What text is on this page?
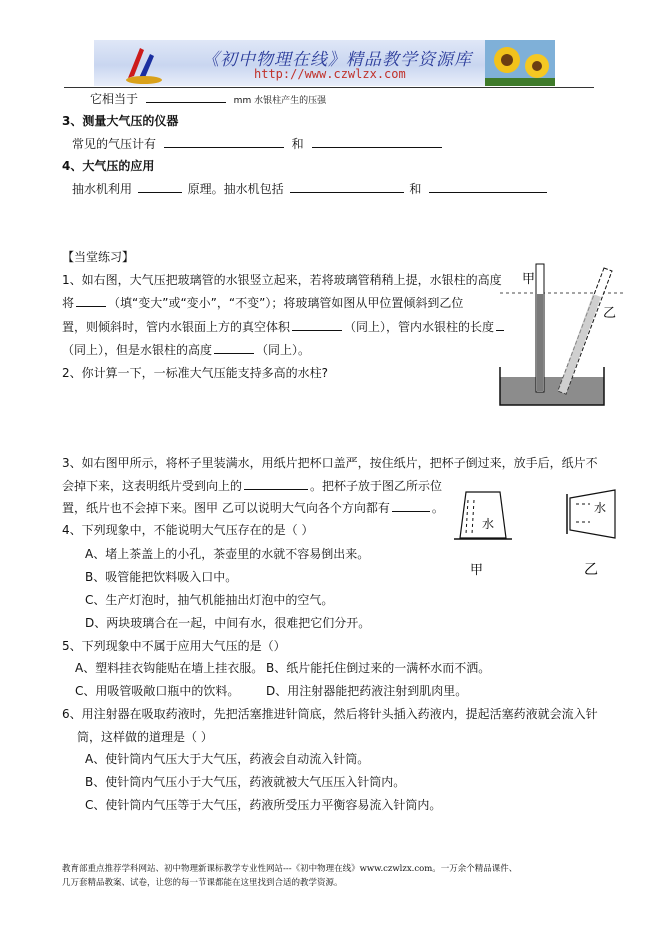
《初中物理在线》精品教学资源库
http://www.czwlzx.com
它相当于	mm 水银柱产生的压强
3、测量大气压的仪器
常见的气压计有	和
4、大气压的应用
抽水机利用	原理。抽水机包括	和
【当堂练习】
1、如右图，大气压把玻璃管的水银竖立起来，若将玻璃管稍稍上提，水银柱的高度
将	（填“变大”或“变小”，“不变”）；将玻璃管如图从甲位置倾斜到乙位
置，则倾斜时，管内水银面上方的真空体积	（同上），管内水银柱的长度
（同上），但是水银柱的高度	（同上）。
2、你计算一下，一标准大气压能支持多高的水柱?
甲
乙
3、如右图甲所示，将杯子里装满水，用纸片把杯口盖严，按住纸片，把杯子倒过来，放手后，纸片不
会掉下来，这表明纸片受到向上的	。把杯子放于图乙所示位
置，纸片也不会掉下来。图甲 乙可以说明大气向各个方向都有	。
水
水
甲	乙
4、下列现象中，不能说明大气压存在的是（ ）
A、堵上茶盖上的小孔，茶壶里的水就不容易倒出来。
B、吸管能把饮料吸入口中。
C、生产灯泡时，抽气机能抽出灯泡中的空气。
D、两块玻璃合在一起，中间有水，很难把它们分开。
5、下列现象中不属于应用大气压的是（）
A、塑料挂衣钩能贴在墙上挂衣服。 B、纸片能托住倒过来的一满杯水而不洒。
C、用吸管吸敞口瓶中的饮料。 D、用注射器能把药液注射到肌肉里。
6、用注射器在吸取药液时，先把活塞推进针筒底，然后将针头插入药液内，提起活塞药液就会流入针
筒，这样做的道理是（ ）
A、使针筒内气压大于大气压，药液会自动流入针筒。
B、使针筒内气压小于大气压，药液就被大气压压入针筒内。
C、使针筒内气压等于大气压，药液所受压力平衡容易流入针筒内。
教育部重点推荐学科网站、初中物理新课标教学专业性网站---《初中物理在线》www.czwlzx.com。一万余个精品课件、
几万套精品教案、试卷，让您的每一节课都能在这里找到合适的教学资源。
